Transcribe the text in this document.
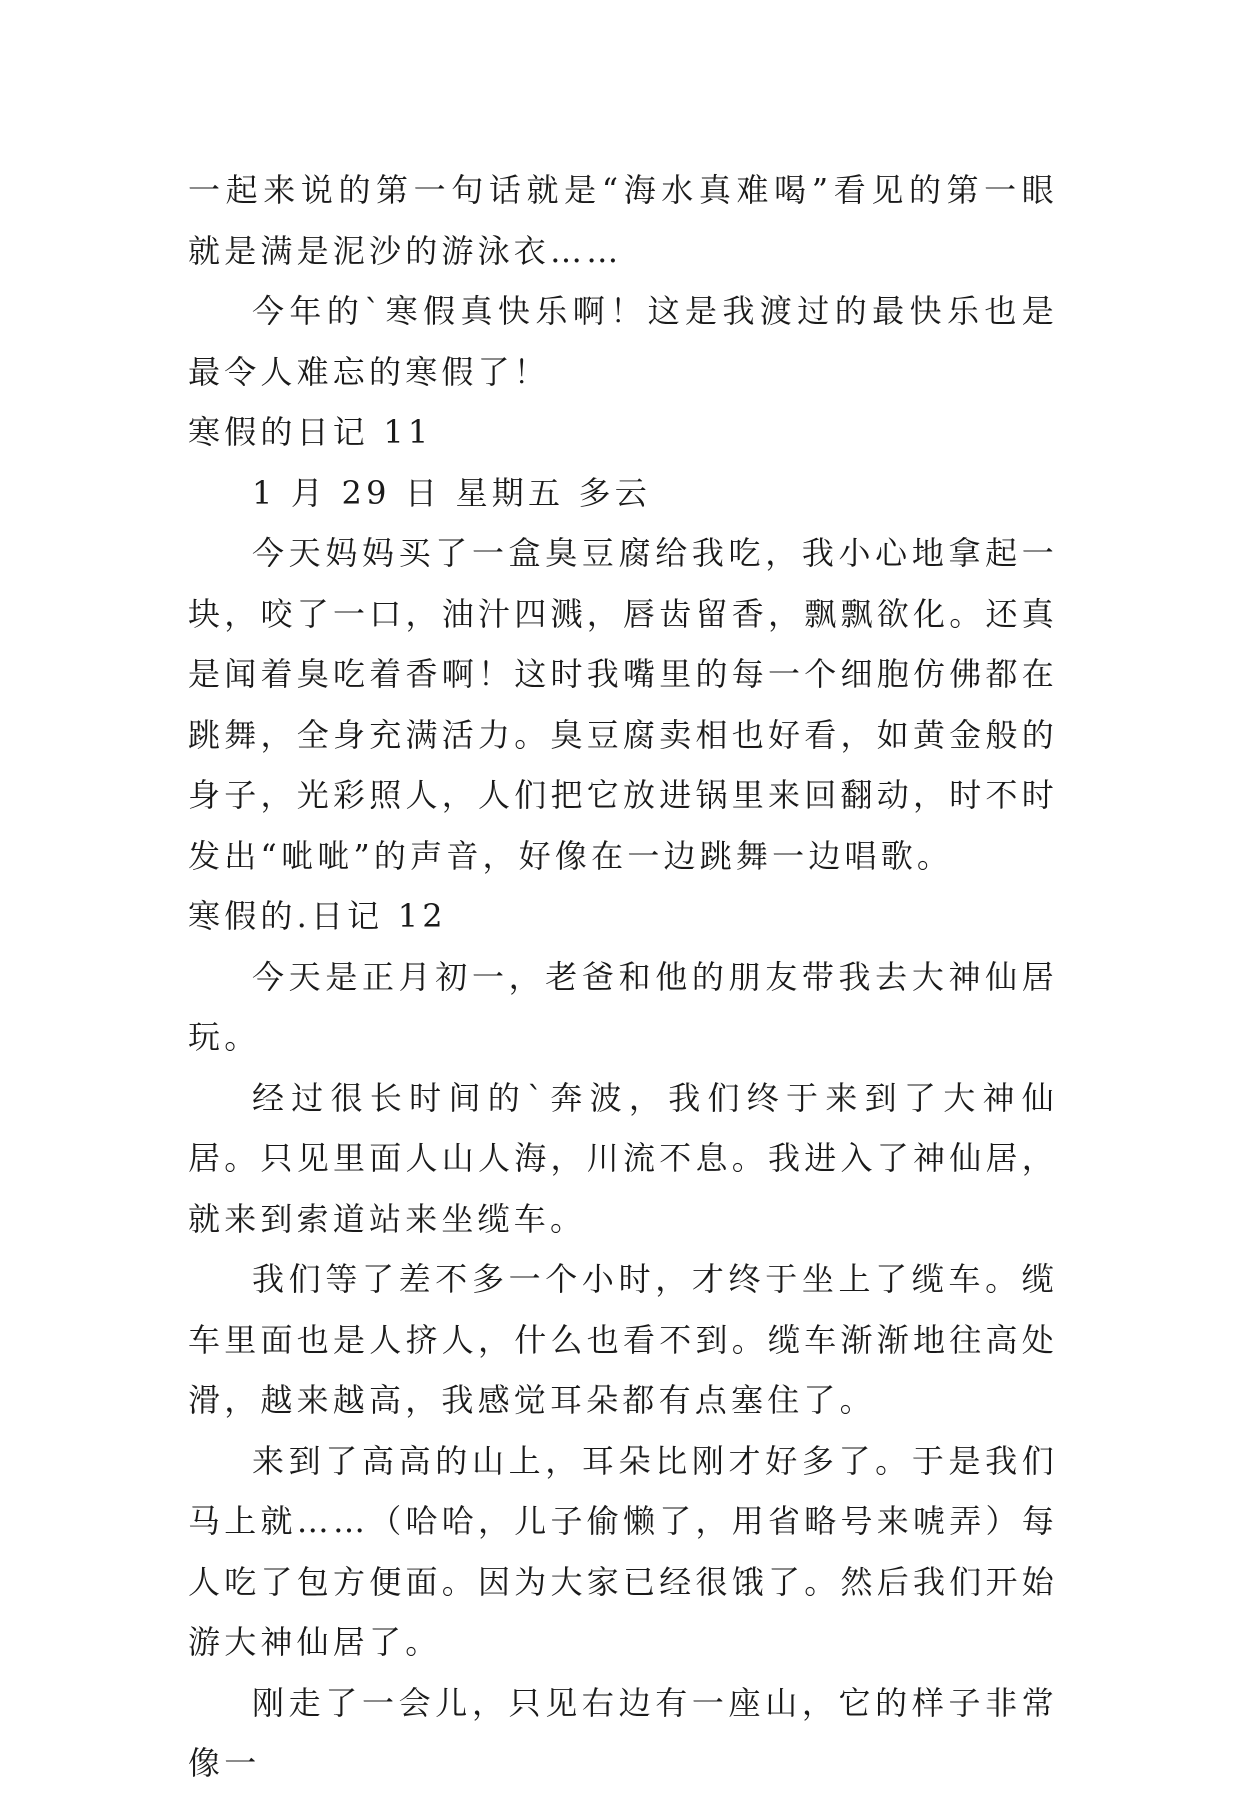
一起来说的第一句话就是“海水真难喝”看见的第一眼就是满是泥沙的游泳衣……

今年的`寒假真快乐啊！这是我渡过的最快乐也是最令人难忘的寒假了！

寒假的日记 11

1 月 29 日 星期五 多云

今天妈妈买了一盒臭豆腐给我吃，我小心地拿起一块，咬了一口，油汁四溅，唇齿留香，飘飘欲化。还真是闻着臭吃着香啊！这时我嘴里的每一个细胞仿佛都在跳舞，全身充满活力。臭豆腐卖相也好看，如黄金般的身子，光彩照人，人们把它放进锅里来回翻动，时不时发出“呲呲”的声音，好像在一边跳舞一边唱歌。

寒假的.日记 12

今天是正月初一，老爸和他的朋友带我去大神仙居玩。

经过很长时间的`奔波，我们终于来到了大神仙居。只见里面人山人海，川流不息。我进入了神仙居，就来到索道站来坐缆车。

我们等了差不多一个小时，才终于坐上了缆车。缆车里面也是人挤人，什么也看不到。缆车渐渐地往高处滑，越来越高，我感觉耳朵都有点塞住了。

来到了高高的山上，耳朵比刚才好多了。于是我们马上就……（哈哈，儿子偷懒了，用省略号来唬弄）每人吃了包方便面。因为大家已经很饿了。然后我们开始游大神仙居了。

刚走了一会儿，只见右边有一座山，它的样子非常像一
